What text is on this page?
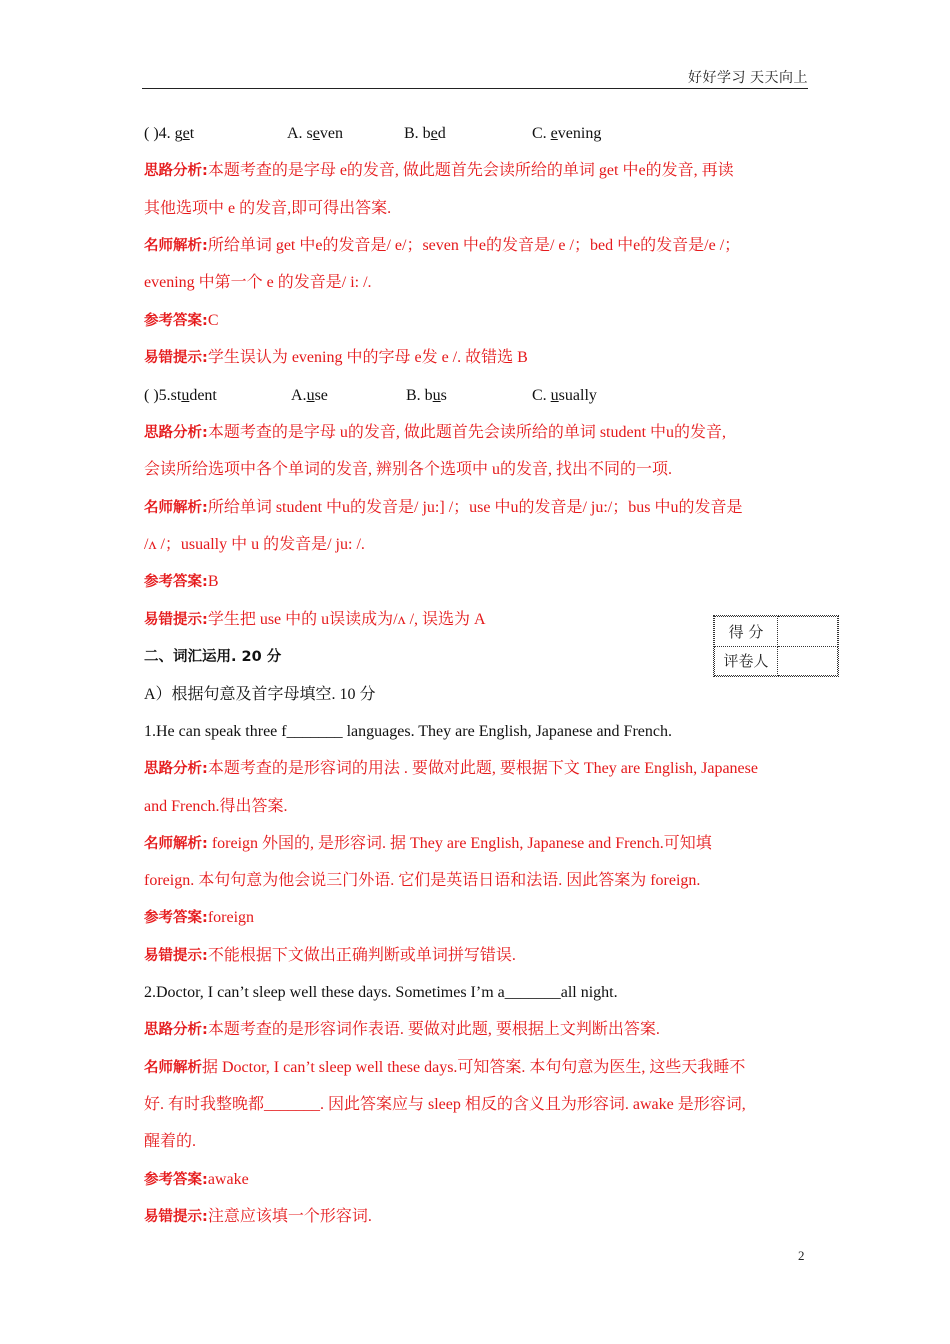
好好学习 天天向上
( )4. get	A. seven	B. bed	C. evening
思路分析:本题考查的是字母 e的发音, 做此题首先会读所给的单词 get 中e的发音, 再读
其他选项中 e 的发音,即可得出答案.
名师解析:所给单词 get 中e的发音是/ e/；seven 中e的发音是/ e /；bed 中e的发音是/e /；
evening 中第一个 e 的发音是/ i: /.
参考答案:C
易错提示:学生误认为 evening 中的字母 e发 e /. 故错选 B
( )5.student	A.use	B. bus	C. usually
思路分析:本题考查的是字母 u的发音, 做此题首先会读所给的单词 student 中u的发音,
会读所给选项中各个单词的发音, 辨别各个选项中 u的发音, 找出不同的一项.
名师解析:所给单词 student 中u的发音是/ ju:] /；use 中u的发音是/ ju:/；bus 中u的发音是
/ʌ /；usually 中 u 的发音是/ ju: /.
参考答案:B
易错提示:学生把 use 中的 u误读成为/ʌ /, 误选为 A
得 分	
评卷人	
二、词汇运用. 20 分
A）根据句意及首字母填空. 10 分
1.He can speak three f_______ languages. They are English, Japanese and French.
思路分析:本题考查的是形容词的用法 . 要做对此题, 要根据下文 They are English, Japanese
and French.得出答案.
名师解析: foreign 外国的, 是形容词. 据 They are English, Japanese and French.可知填
foreign. 本句句意为他会说三门外语. 它们是英语日语和法语. 因此答案为 foreign.
参考答案:foreign
易错提示:不能根据下文做出正确判断或单词拼写错误.
2.Doctor, I can’t sleep well these days. Sometimes I’m a_______all night.
思路分析:本题考查的是形容词作表语. 要做对此题, 要根据上文判断出答案.
名师解析据 Doctor, I can’t sleep well these days.可知答案. 本句句意为医生, 这些天我睡不
好. 有时我整晚都_______. 因此答案应与 sleep 相反的含义且为形容词. awake 是形容词,
醒着的.
参考答案:awake
易错提示:注意应该填一个形容词.
2
